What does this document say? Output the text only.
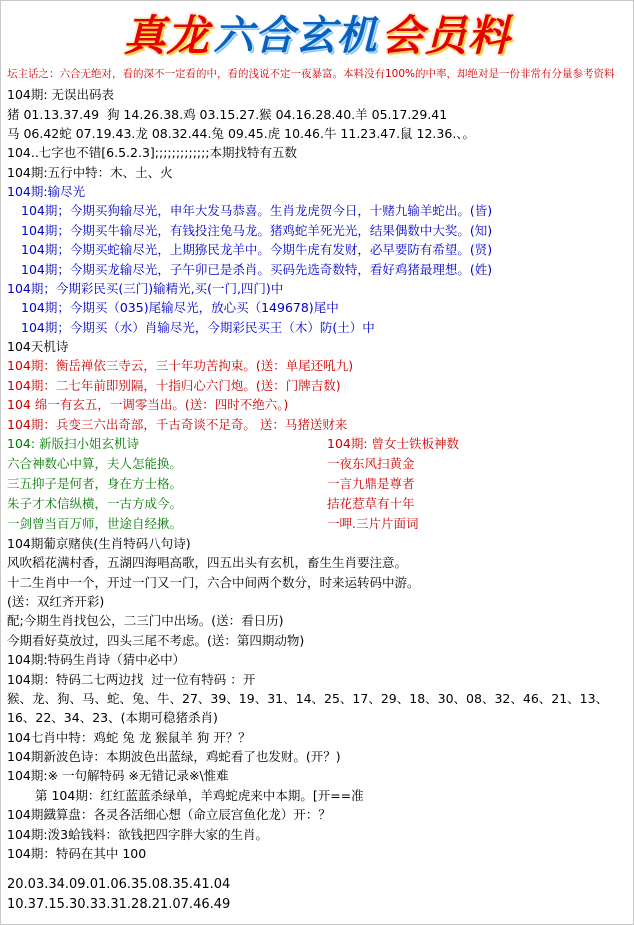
真龙 六合玄机 会员料
坛主话之：六合无绝对，看的深不一定看的中，看的浅说不定一夜暴富。本料没有100%的中率，却绝对是一份非常有分量参考资料
104期: 无误出码表
猪 01.13.37.49  狗 14.26.38.鸡 03.15.27.猴 04.16.28.40.羊 05.17.29.41
马 06.42蛇 07.19.43.龙 08.32.44.兔 09.45.虎 10.46.牛 11.23.47.鼠 12.36.、。
104..七字也不错[6.5.2.3];;;;;;;;;;;;;本期找特有五数
104期:五行中特：木、土、火
104期:输尽光
104期；今期买狗输尽光，申年大发马恭喜。生肖龙虎贺今日，十赌九输羊蛇出。(皆)
104期；今期买牛输尽光，有钱投注兔马龙。猪鸡蛇羊死光光，结果偶数中大奖。(知)
104期；今期买蛇输尽光，上期猕民龙羊中。今期牛虎有发财，必早要防有希望。(贤)
104期；今期买龙输尽光，子午卯已是杀肖。买码先选奇数特，看好鸡猪最理想。(姓)
104期；今期彩民买(三门)输精光,买(一门,四门)中
104期；今期买（035)尾输尽光，放心买（149678)尾中
104期；今期买（水）肖输尽光，今期彩民买王（木）防(土）中
104天机诗
104期：衡岳禅依三寺云，三十年功苦拘束。(送：单尾还吼九)
104期：二七年前即别隔，十指归心六门炮。(送：门牌吉数)
104 绵一有玄五，一调零当出。(送：四时不绝六。)
104期：兵变三六出奇部，千古奇谈不足奇。 送：马猪送财来
104: 新版扫小姐玄机诗
六合神数心中算，夫人怎能换。
三五抑子是何者，身在方士格。
朱子才术信纵横，一古方成今。
一剑曾当百万师，世途自经揪。
104期: 曾女士铁板神数
一夜东风扫黄金
一言九鼎是尊者
拮花惹草有十年
一呷.三片片面词
104期葡京赌侠(生肖特码八句诗)
风吹稻花满村香，五湖四海唱高歌，四五出头有玄机，畜生生肖要注意。
十二生肖中一个，开过一门又一门，六合中间两个数分，时来运转码中游。
(送：双红齐开彩)
配;今期生肖找包公，二三门中出场。(送：看日历)
今期看好莫放过，四头三尾不考虑。(送：第四期动物)
104期:特码生肖诗（猜中必中）
104期：特码二七两边找  过一位有特码 ：开
猴、龙、狗、马、蛇、兔、牛、27、39、19、31、14、25、17、29、18、30、08、32、46、21、13、
16、22、34、23、(本期可稳猪杀肖)
104七肖中特：鸡蛇 兔 龙 猴鼠羊 狗 开？？
104期新波色诗：本期波色出蓝绿，鸡蛇看了也发财。(开？)
104期:※ 一句解特码 ※无错记录※\惟难
第 104期：红红蓝蓝杀绿单，羊鸡蛇虎来中本期。[开==准
104期鐡算盘：各灵各活细心想（命立辰宫鱼化龙）开：？
104期:泼3蛤钱料：欲钱把四字胖大家的生肖。
104期：特码在其中 100
20.03.34.09.01.06.35.08.35.41.04
10.37.15.30.33.31.28.21.07.46.49
